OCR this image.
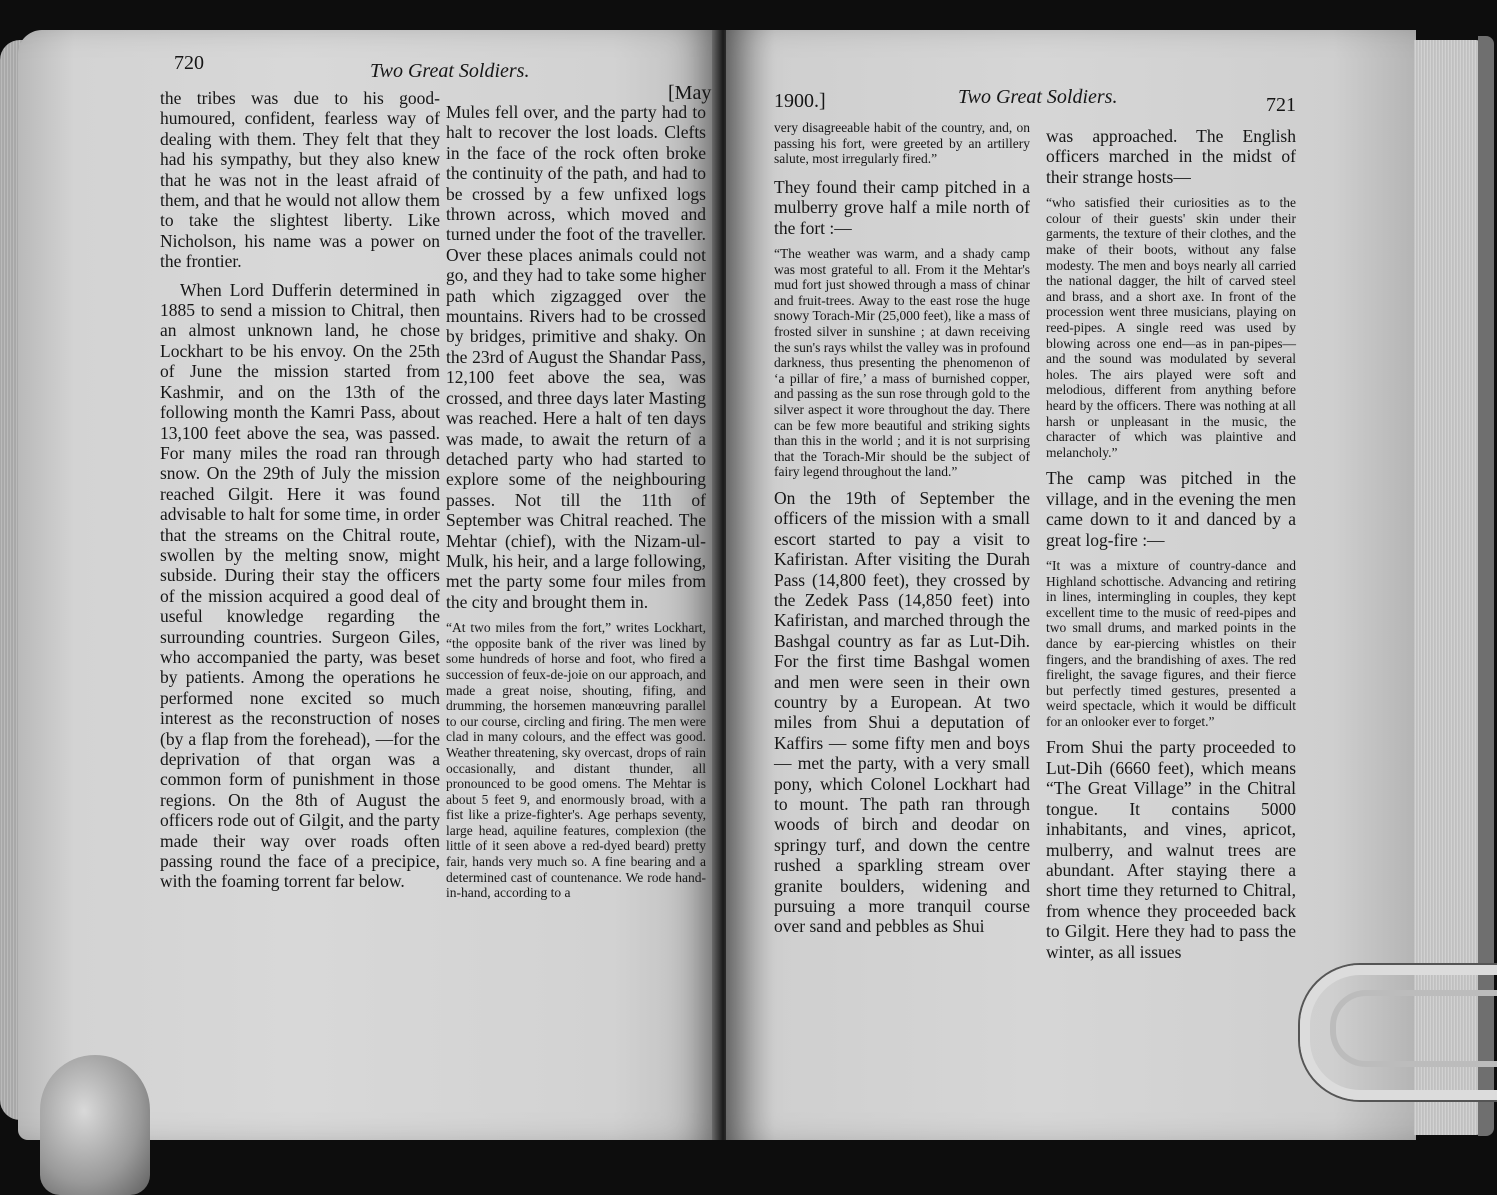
720	Two Great Soldiers.
[May

the tribes was due to his good-humoured, confident, fearless way of dealing with them. They felt that they had his sympathy, but they also knew that he was not in the least afraid of them, and that he would not allow them to take the slightest liberty. Like Nicholson, his name was a power on the frontier.

When Lord Dufferin determined in 1885 to send a mission to Chitral, then an almost unknown land, he chose Lockhart to be his envoy. On the 25th of June the mission started from Kashmir, and on the 13th of the following month the Kamri Pass, about 13,100 feet above the sea, was passed. For many miles the road ran through snow. On the 29th of July the mission reached Gilgit. Here it was found advisable to halt for some time, in order that the streams on the Chitral route, swollen by the melting snow, might subside. During their stay the officers of the mission acquired a good deal of useful knowledge regarding the surrounding countries. Surgeon Giles, who accompanied the party, was beset by patients. Among the operations he performed none excited so much interest as the reconstruction of noses (by a flap from the forehead), —for the deprivation of that organ was a common form of punishment in those regions. On the 8th of August the officers rode out of Gilgit, and the party made their way over roads often passing round the face of a precipice, with the foaming torrent far below.

Mules fell over, and the party had to halt to recover the lost loads. Clefts in the face of the rock often broke the continuity of the path, and had to be crossed by a few unfixed logs thrown across, which moved and turned under the foot of the traveller. Over these places animals could not go, and they had to take some higher path which zigzagged over the mountains. Rivers had to be crossed by bridges, primitive and shaky. On the 23rd of August the Shandar Pass, 12,100 feet above the sea, was crossed, and three days later Masting was reached. Here a halt of ten days was made, to await the return of a detached party who had started to explore some of the neighbouring passes. Not till the 11th of September was Chitral reached. The Mehtar (chief), with the Nizam-ul-Mulk, his heir, and a large following, met the party some four miles from the city and brought them in.

“At two miles from the fort,” writes Lockhart, “the opposite bank of the river was lined by some hundreds of horse and foot, who fired a succession of feux-de-joie on our approach, and made a great noise, shouting, fifing, and drumming, the horsemen manœuvring parallel to our course, circling and firing. The men were clad in many colours, and the effect was good. Weather threatening, sky overcast, drops of rain occasionally, and distant thunder, all pronounced to be good omens. The Mehtar is about 5 feet 9, and enormously broad, with a fist like a prize-fighter's. Age perhaps seventy, large head, aquiline features, complexion (the little of it seen above a red-dyed beard) pretty fair, hands very much so. A fine bearing and a determined cast of countenance. We rode hand-in-hand, according to a

1900.]	Two Great Soldiers.	721

very disagreeable habit of the country, and, on passing his fort, were greeted by an artillery salute, most irregularly fired.”

They found their camp pitched in a mulberry grove half a mile north of the fort :—

“The weather was warm, and a shady camp was most grateful to all. From it the Mehtar's mud fort just showed through a mass of chinar and fruit-trees. Away to the east rose the huge snowy Torach-Mir (25,000 feet), like a mass of frosted silver in sunshine ; at dawn receiving the sun's rays whilst the valley was in profound darkness, thus presenting the phenomenon of ‘a pillar of fire,’ a mass of burnished copper, and passing as the sun rose through gold to the silver aspect it wore throughout the day. There can be few more beautiful and striking sights than this in the world ; and it is not surprising that the Torach-Mir should be the subject of fairy legend throughout the land.”

On the 19th of September the officers of the mission with a small escort started to pay a visit to Kafiristan. After visiting the Durah Pass (14,800 feet), they crossed by the Zedek Pass (14,850 feet) into Kafiristan, and marched through the Bashgal country as far as Lut-Dih. For the first time Bashgal women and men were seen in their own country by a European. At two miles from Shui a deputation of Kaffirs — some fifty men and boys — met the party, with a very small pony, which Colonel Lockhart had to mount. The path ran through woods of birch and deodar on springy turf, and down the centre rushed a sparkling stream over granite boulders, widening and pursuing a more tranquil course over sand and pebbles as Shui

was approached. The English officers marched in the midst of their strange hosts—

“who satisfied their curiosities as to the colour of their guests' skin under their garments, the texture of their clothes, and the make of their boots, without any false modesty. The men and boys nearly all carried the national dagger, the hilt of carved steel and brass, and a short axe. In front of the procession went three musicians, playing on reed-pipes. A single reed was used by blowing across one end—as in pan-pipes—and the sound was modulated by several holes. The airs played were soft and melodious, different from anything before heard by the officers. There was nothing at all harsh or unpleasant in the music, the character of which was plaintive and melancholy.”

The camp was pitched in the village, and in the evening the men came down to it and danced by a great log-fire :—

“It was a mixture of country-dance and Highland schottische. Advancing and retiring in lines, intermingling in couples, they kept excellent time to the music of reed-pipes and two small drums, and marked points in the dance by ear-piercing whistles on their fingers, and the brandishing of axes. The red firelight, the savage figures, and their fierce but perfectly timed gestures, presented a weird spectacle, which it would be difficult for an onlooker ever to forget.”

From Shui the party proceeded to Lut-Dih (6660 feet), which means “The Great Village” in the Chitral tongue. It contains 5000 inhabitants, and vines, apricot, mulberry, and walnut trees are abundant. After staying there a short time they returned to Chitral, from whence they proceeded back to Gilgit. Here they had to pass the winter, as all issues
